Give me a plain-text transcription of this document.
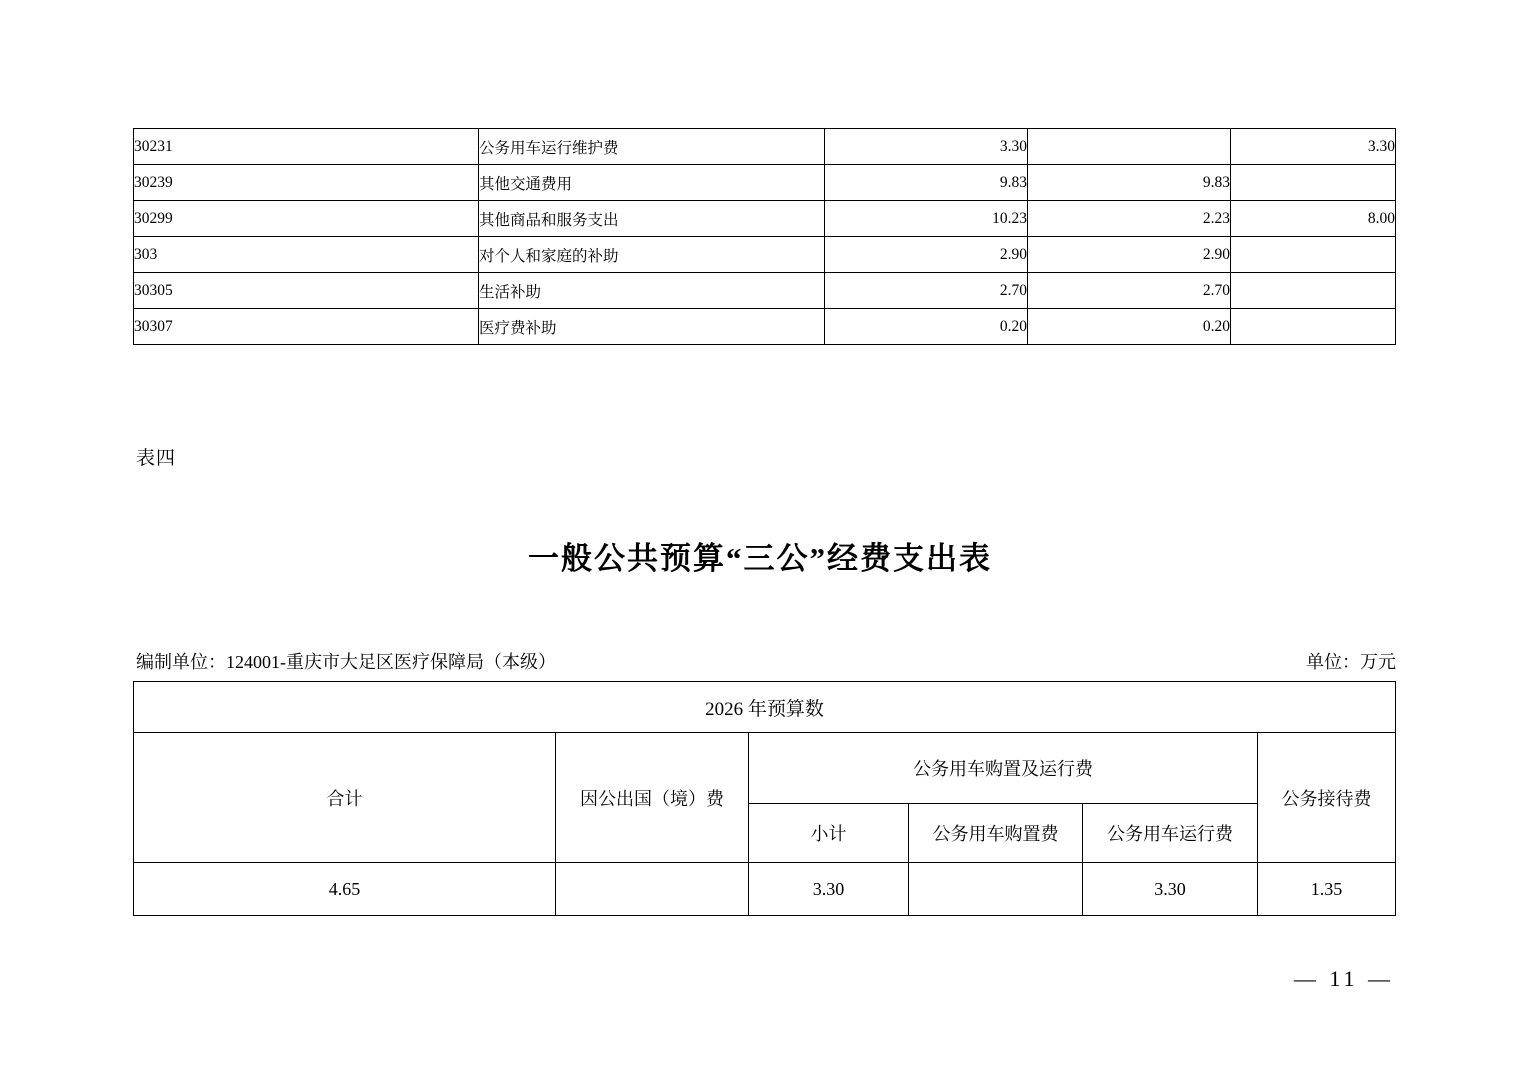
30231	公务用车运行维护费	3.30		3.30
30239	其他交通费用	9.83	9.83	
30299	其他商品和服务支出	10.23	2.23	8.00
303	对个人和家庭的补助	2.90	2.90	
30305	生活补助	2.70	2.70	
30307	医疗费补助	0.20	0.20	
表四
一般公共预算“三公”经费支出表
编制单位：124001-重庆市大足区医疗保障局（本级）	单位：万元
2026 年预算数					
合计	因公出国（境）费	公务用车购置及运行费			公务接待费
		小计	公务用车购置费	公务用车运行费	
4.65		3.30		3.30	1.35
— 11 —
